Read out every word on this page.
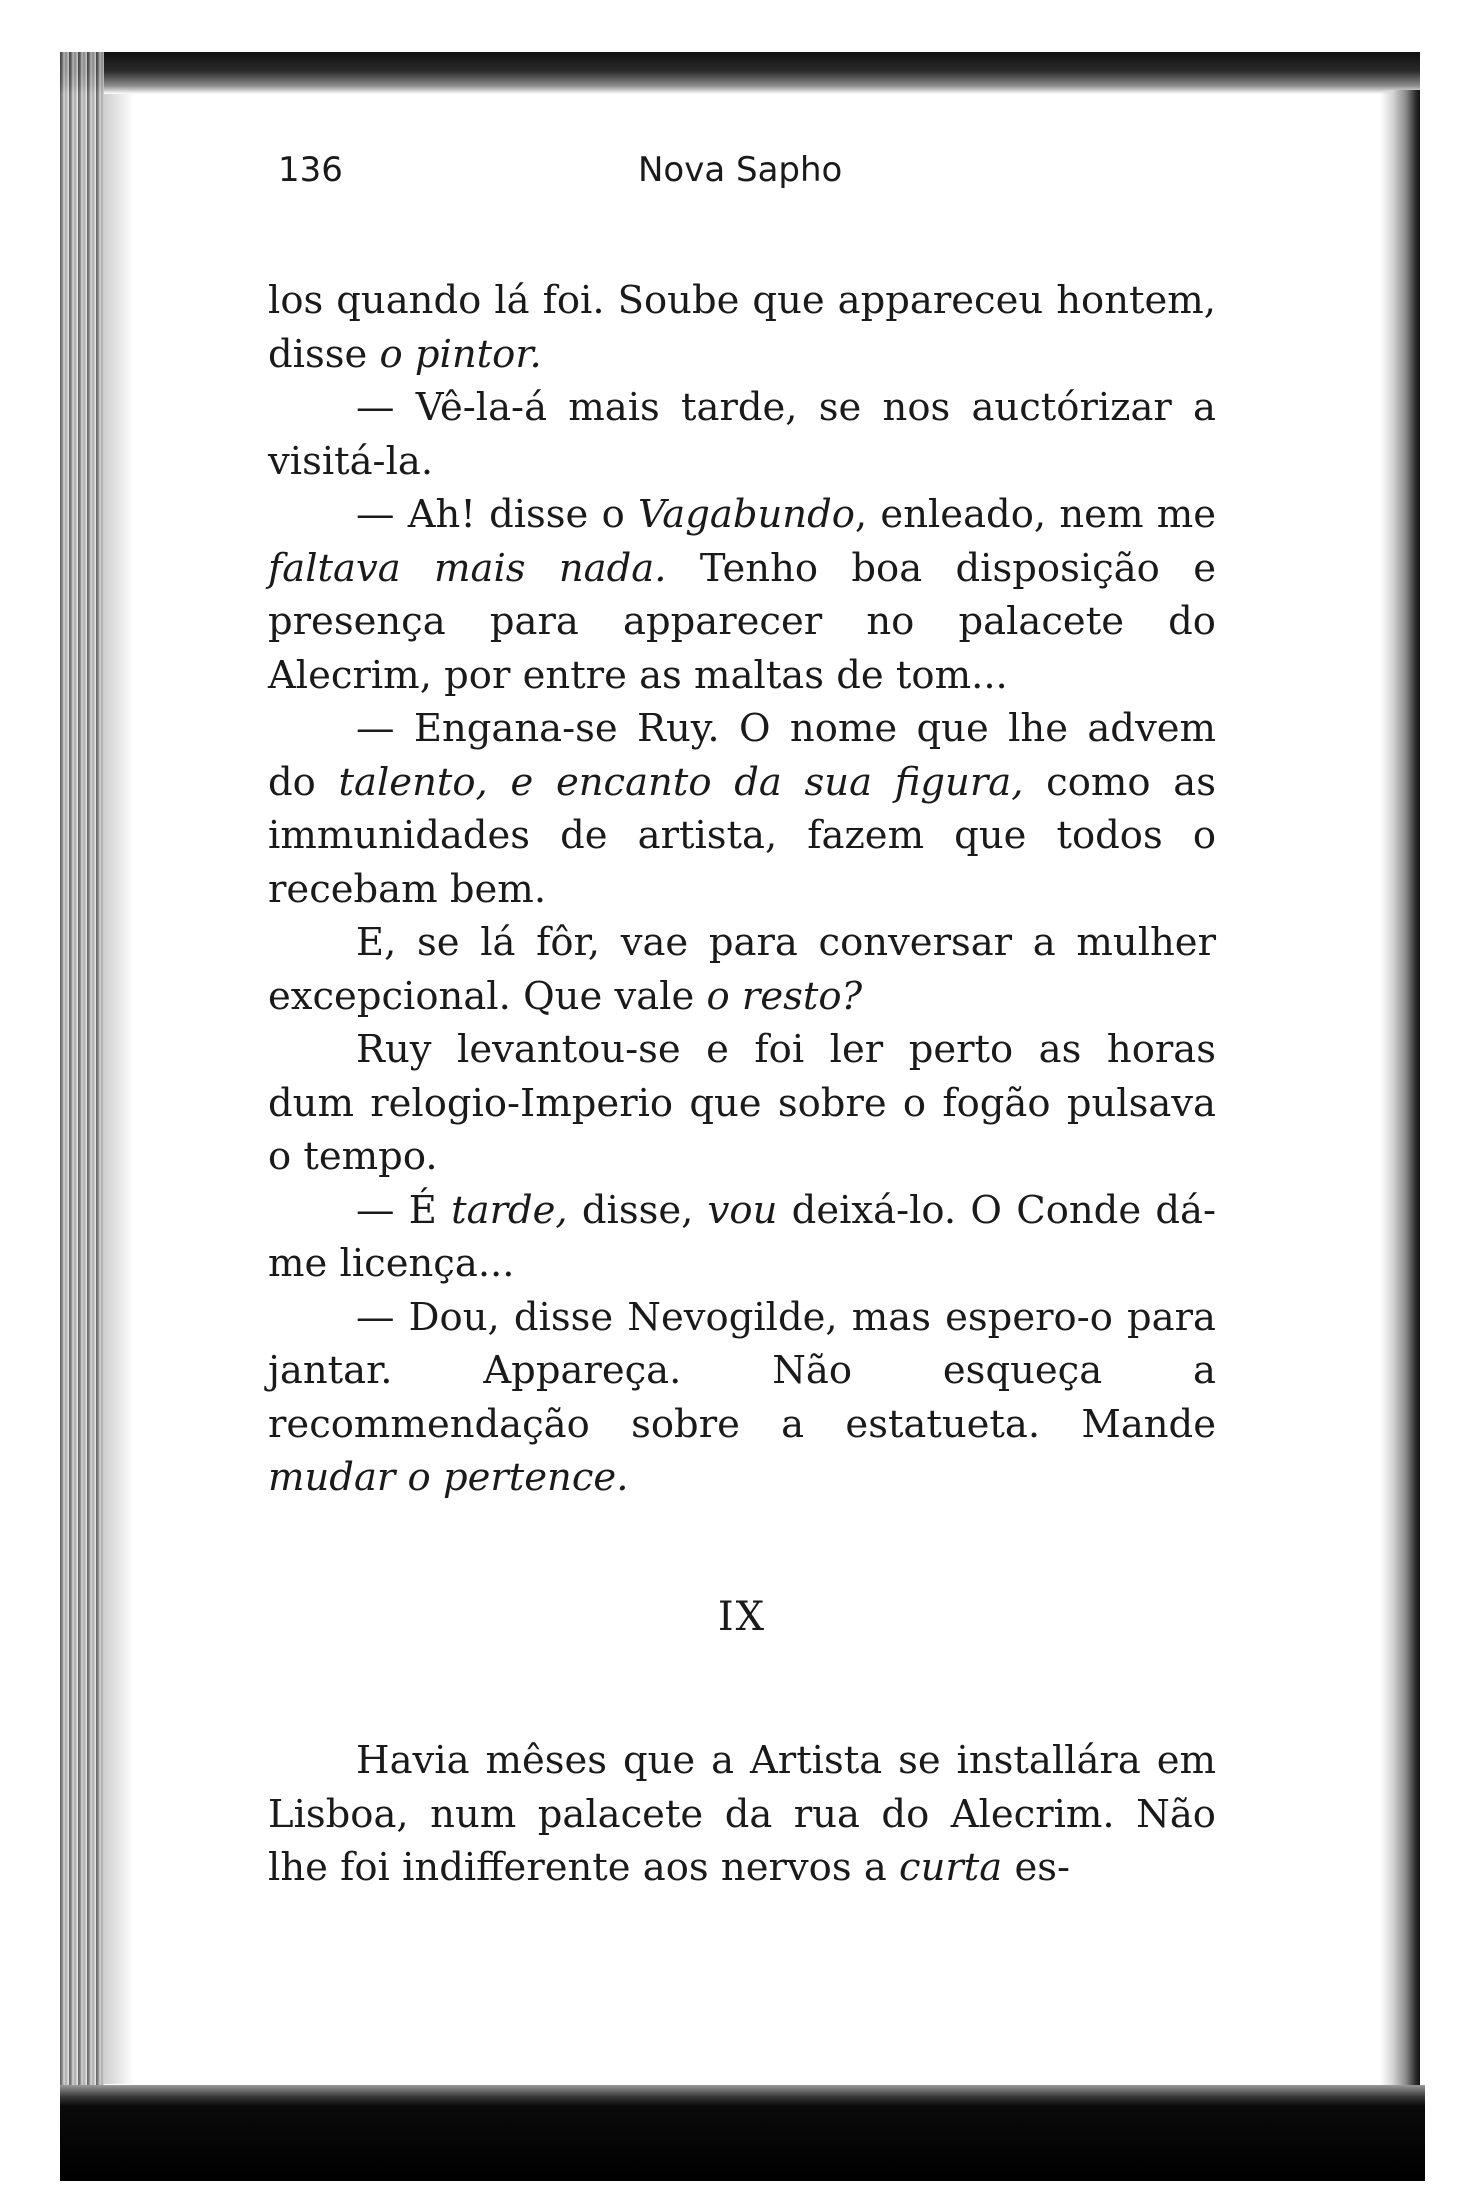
136	Nova Sapho

los quando lá foi. Soube que appareceu hontem, disse o pintor.

— Vê-la-á mais tarde, se nos auctórizar a visitá-la.

— Ah! disse o Vagabundo, enleado, nem me faltava mais nada. Tenho boa disposição e presença para apparecer no palacete do Alecrim, por entre as maltas de tom...

— Engana-se Ruy. O nome que lhe advem do talento, e encanto da sua figura, como as immunidades de artista, fazem que todos o recebam bem.

E, se lá fôr, vae para conversar a mulher excepcional. Que vale o resto?

Ruy levantou-se e foi ler perto as horas dum relogio-Imperio que sobre o fogão pulsava o tempo.

— É tarde, disse, vou deixá-lo. O Conde dá-me licença...

— Dou, disse Nevogilde, mas espero-o para jantar. Appareça. Não esqueça a recommendação sobre a estatueta. Mande mudar o pertence.

IX

Havia mêses que a Artista se installára em Lisboa, num palacete da rua do Alecrim. Não lhe foi indifferente aos nervos a curta es-
